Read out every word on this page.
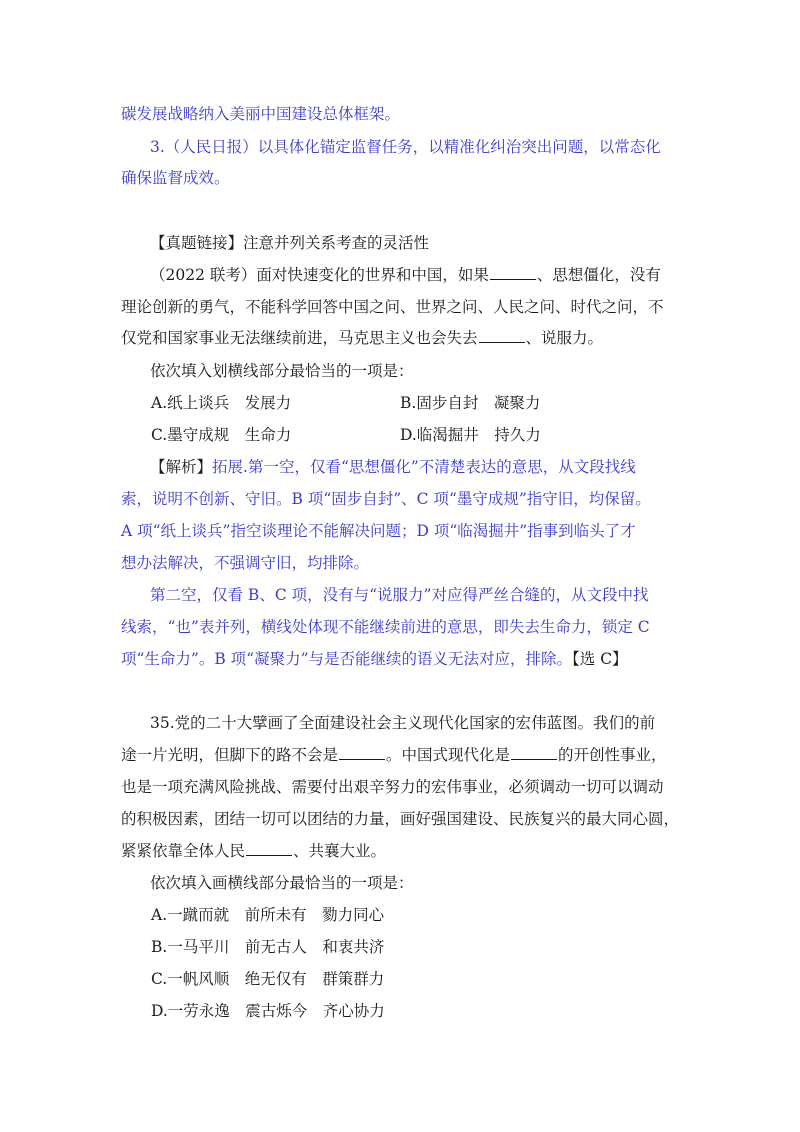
碳发展战略纳入美丽中国建设总体框架。
3.（人民日报）以具体化锚定监督任务，以精准化纠治突出问题，以常态化
确保监督成效。
【真题链接】注意并列关系考查的灵活性
（2022 联考）面对快速变化的世界和中国，如果	、思想僵化，没有
理论创新的勇气，不能科学回答中国之问、世界之问、人民之问、时代之问，不
仅党和国家事业无法继续前进，马克思主义也会失去	、说服力。
依次填入划横线部分最恰当的一项是：
A.纸上谈兵　发展力	B.固步自封　凝聚力
C.墨守成规　生命力	D.临渴掘井　持久力
【解析】拓展.第一空，仅看“思想僵化”不清楚表达的意思，从文段找线
索，说明不创新、守旧。B 项“固步自封”、C 项“墨守成规”指守旧，均保留。
A 项“纸上谈兵”指空谈理论不能解决问题；D 项“临渴掘井”指事到临头了才
想办法解决，不强调守旧，均排除。
第二空，仅看 B、C 项，没有与“说服力”对应得严丝合缝的，从文段中找
线索，“也”表并列，横线处体现不能继续前进的意思，即失去生命力，锁定 C
项“生命力”。B 项“凝聚力”与是否能继续的语义无法对应，排除。【选 C】
35.党的二十大擘画了全面建设社会主义现代化国家的宏伟蓝图。我们的前
途一片光明，但脚下的路不会是	。中国式现代化是	的开创性事业，
也是一项充满风险挑战、需要付出艰辛努力的宏伟事业，必须调动一切可以调动
的积极因素，团结一切可以团结的力量，画好强国建设、民族复兴的最大同心圆，
紧紧依靠全体人民	、共襄大业。
依次填入画横线部分最恰当的一项是：
A.一蹴而就　前所未有　勠力同心
B.一马平川　前无古人　和衷共济
C.一帆风顺　绝无仅有　群策群力
D.一劳永逸　震古烁今　齐心协力
